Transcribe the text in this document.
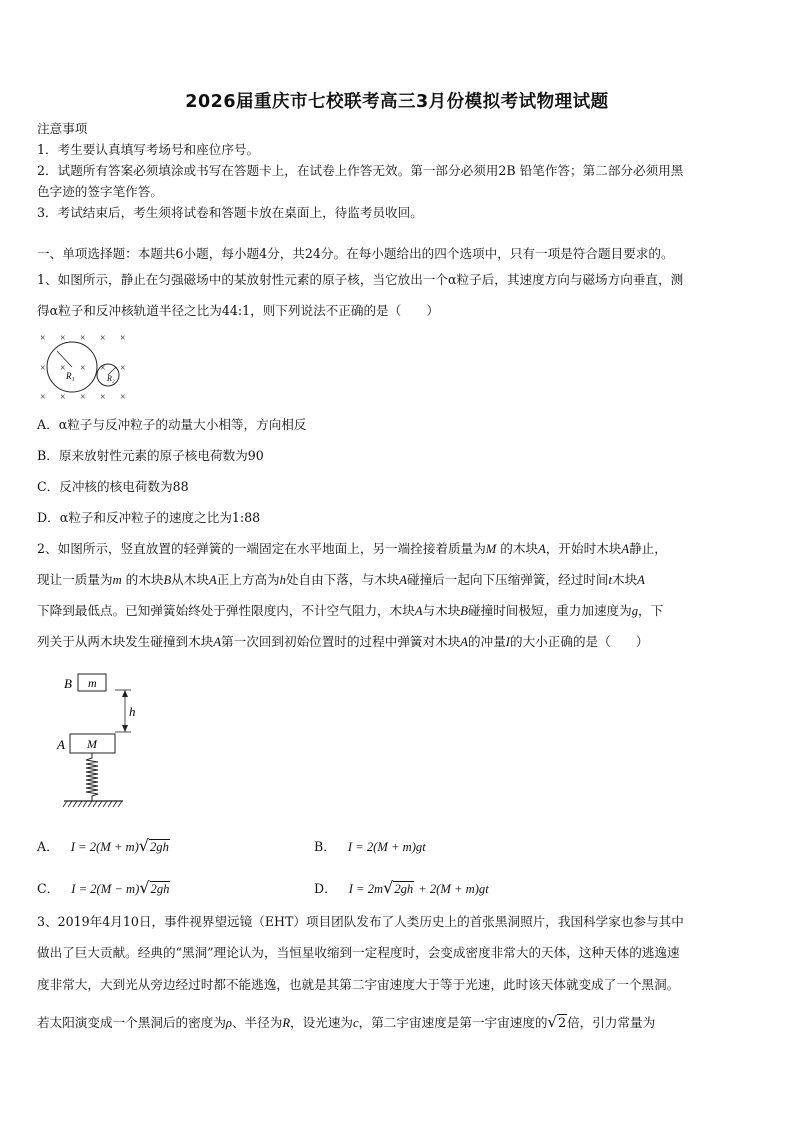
2026届重庆市七校联考高三3月份模拟考试物理试题
注意事项
1．考生要认真填写考场号和座位序号。
2．试题所有答案必须填涂或书写在答题卡上，在试卷上作答无效。第一部分必须用2B 铅笔作答；第二部分必须用黑
色字迹的签字笔作答。
3．考试结束后，考生须将试卷和答题卡放在桌面上，待监考员收回。
一、单项选择题：本题共6小题，每小题4分，共24分。在每小题给出的四个选项中，只有一项是符合题目要求的。
1、如图所示，静止在匀强磁场中的某放射性元素的原子核，当它放出一个α粒子后，其速度方向与磁场方向垂直，测
得α粒子和反冲核轨道半径之比为44:1，则下列说法不正确的是（　　）
× × × × ×
× × × × ×
× × × × ×
R₁	R₂
A．α粒子与反冲粒子的动量大小相等，方向相反
B．原来放射性元素的原子核电荷数为90
C．反冲核的核电荷数为88
D．α粒子和反冲粒子的速度之比为1:88
2、如图所示，竖直放置的轻弹簧的一端固定在水平地面上，另一端拴接着质量为M 的木块A，开始时木块A静止，
现让一质量为m 的木块B从木块A正上方高为h处自由下落，与木块A碰撞后一起向下压缩弹簧，经过时间t木块A
下降到最低点。已知弹簧始终处于弹性限度内，不计空气阻力，木块A与木块B碰撞时间极短，重力加速度为g，下
列关于从两木块发生碰撞到木块A第一次回到初始位置时的过程中弹簧对木块A的冲量I的大小正确的是（　　）
B m
h
A M
A． I = 2(M + m)√2gh	B． I = 2(M + m)gt
C． I = 2(M − m)√2gh	D． I = 2m√2gh + 2(M + m)gt
3、2019年4月10日，事件视界望远镜（EHT）项目团队发布了人类历史上的首张黑洞照片，我国科学家也参与其中
做出了巨大贡献。经典的“黑洞”理论认为，当恒星收缩到一定程度时，会变成密度非常大的天体，这种天体的逃逸速
度非常大，大到光从旁边经过时都不能逃逸，也就是其第二宇宙速度大于等于光速，此时该天体就变成了一个黑洞。
若太阳演变成一个黑洞后的密度为ρ、半径为R，设光速为c，第二宇宙速度是第一宇宙速度的√2倍，引力常量为
